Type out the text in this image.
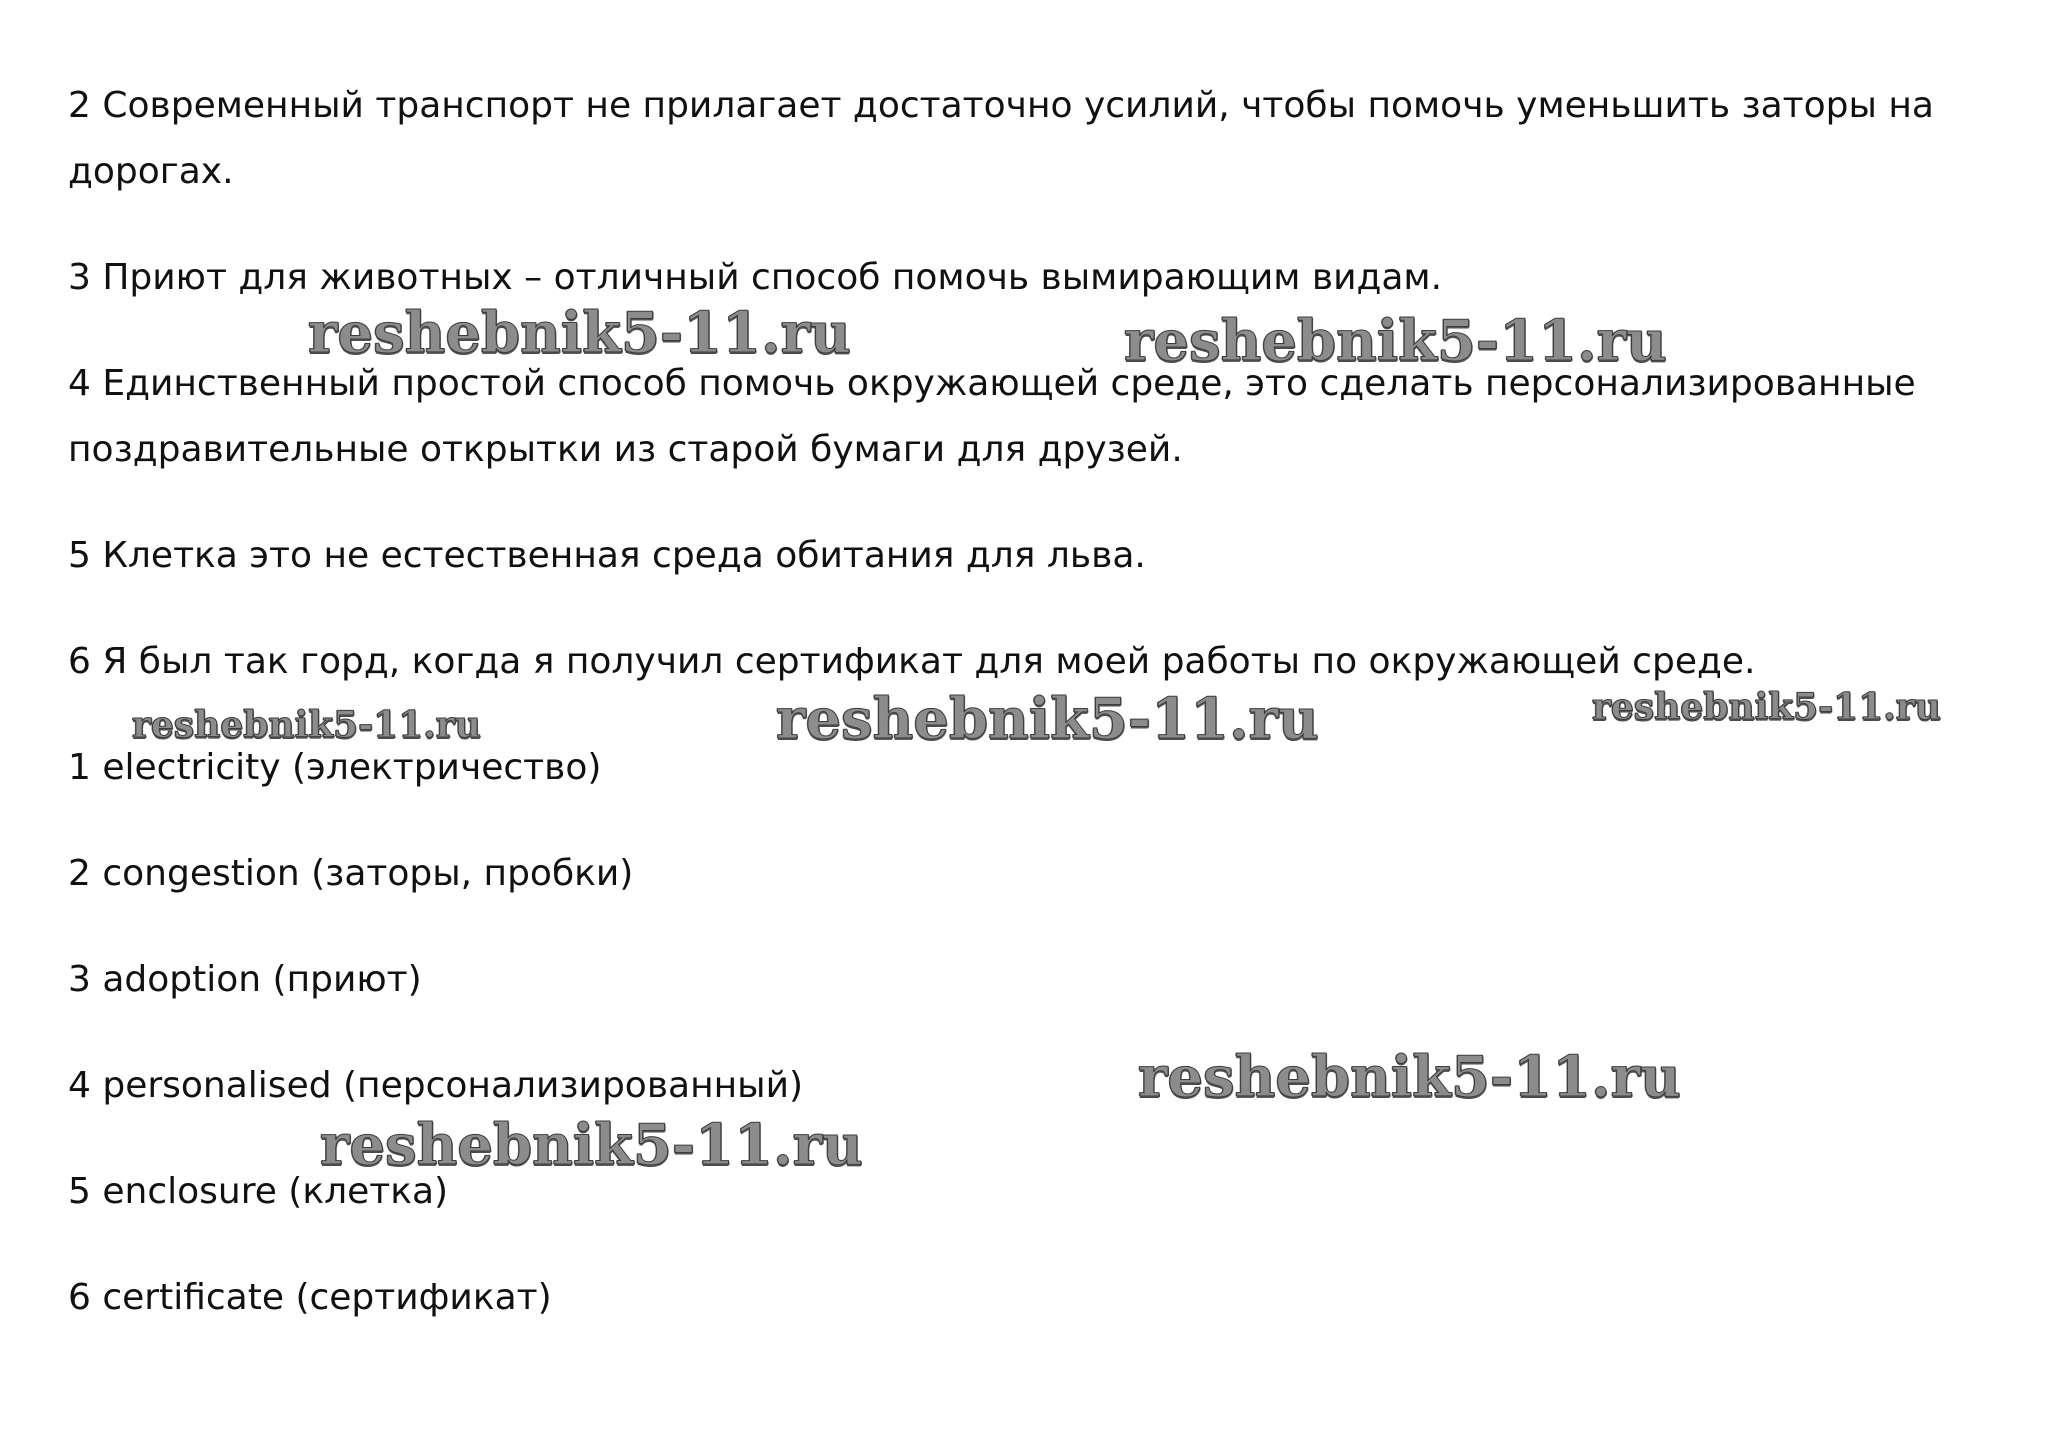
2 Современный транспорт не прилагает достаточно усилий, чтобы помочь уменьшить заторы на
дорогах.
3 Приют для животных – отличный способ помочь вымирающим видам.
4 Единственный простой способ помочь окружающей среде, это сделать персонализированные
поздравительные открытки из старой бумаги для друзей.
5 Клетка это не естественная среда обитания для льва.
6 Я был так горд, когда я получил сертификат для моей работы по окружающей среде.
1 electricity (электричество)
2 congestion (заторы, пробки)
3 adoption (приют)
4 personalised (персонализированный)
5 enclosure (клетка)
6 certificate (сертификат)
reshebnik5-11.ru	reshebnik5-11.ru
reshebnik5-11.ru	reshebnik5-11.ru	reshebnik5-11.ru
reshebnik5-11.ru
reshebnik5-11.ru
